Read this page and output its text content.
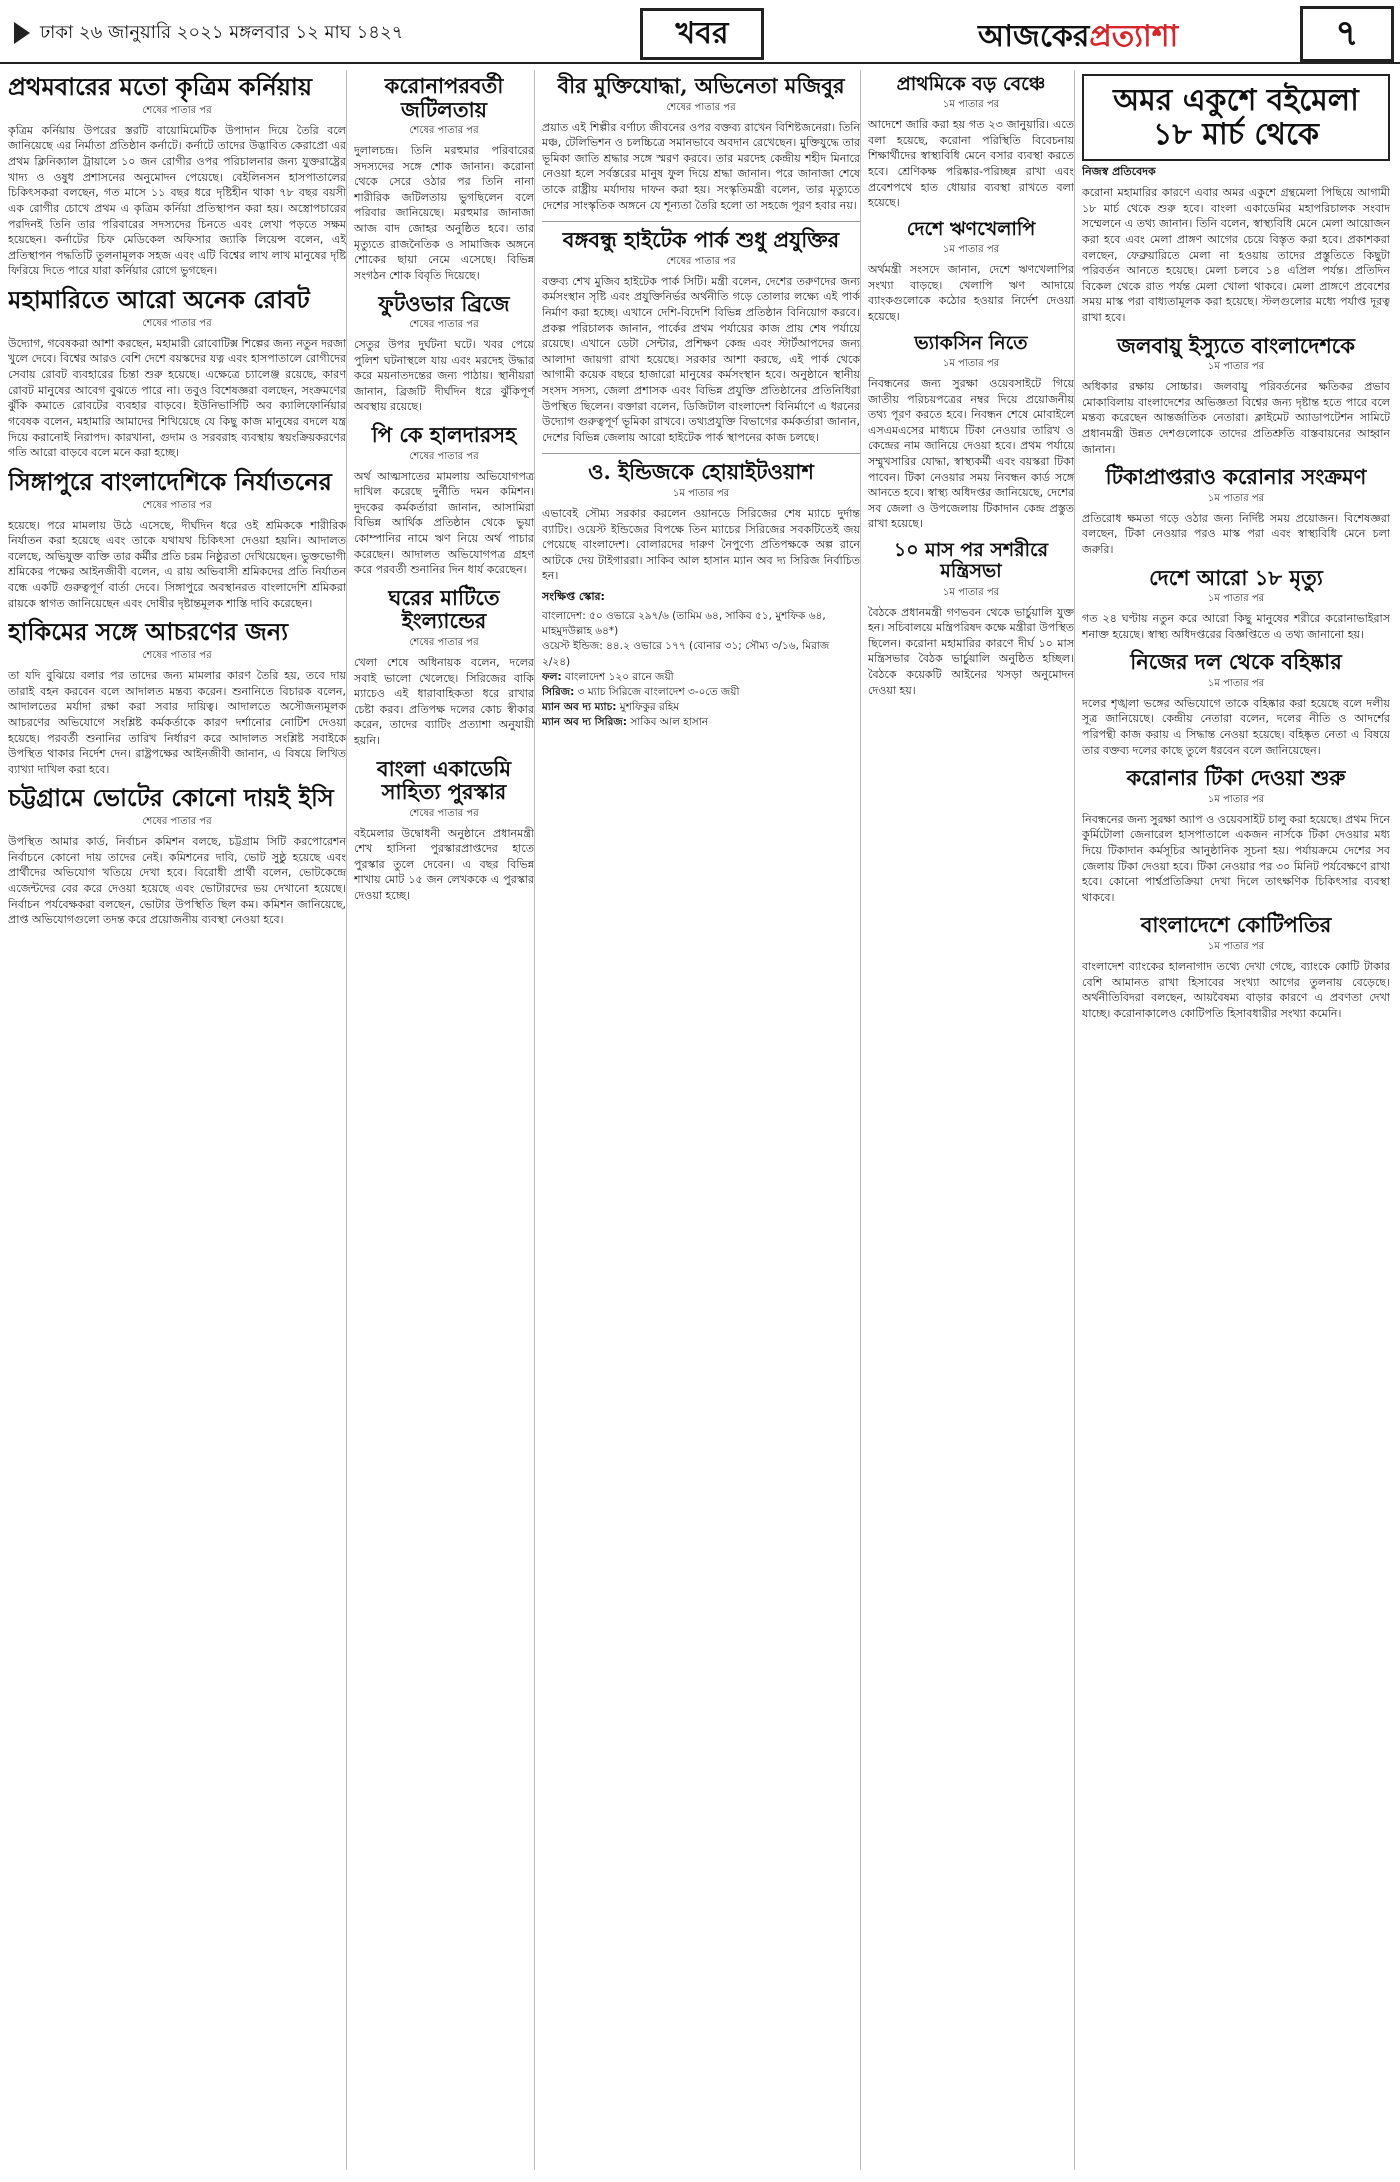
ঢাকা ২৬ জানুয়ারি ২০২১ মঙ্গলবার ১২ মাঘ ১৪২৭	খবর	আজকেরপ্রত্যাশা	৭
প্রথমবারের মতো কৃত্রিম কর্নিয়ায়
শেষের পাতার পর

কৃত্রিম কর্নিয়ায় উপরের স্তরটি বায়োমিমেটিক উপাদান দিয়ে তৈরি বলে জানিয়েছে এর নির্মাতা প্রতিষ্ঠান কর্নাটে। কর্নাটে তাদের উদ্ভাবিত কেরাপ্রো এর প্রথম ক্লিনিক্যাল ট্রায়ালে ১০ জন রোগীর ওপর পরিচালনার জন্য যুক্তরাষ্ট্রের খাদ্য ও ওষুধ প্রশাসনের অনুমোদন পেয়েছে। বেইলিনসন হাসপাতালের চিকিৎসকরা বলছেন, গত মাসে ১১ বছর ধরে দৃষ্টিহীন থাকা ৭৮ বছর বয়সী এক রোগীর চোখে প্রথম এ কৃত্রিম কর্নিয়া প্রতিস্থাপন করা হয়। অস্ত্রোপচারের পরদিনই তিনি তার পরিবারের সদস্যদের চিনতে এবং লেখা পড়তে সক্ষম হয়েছেন। কর্নাটের চিফ মেডিকেল অফিসার জ্যাকি লিয়েন্স বলেন, এই প্রতিস্থাপন পদ্ধতিটি তুলনামূলক সহজ এবং এটি বিশ্বের লাখ লাখ মানুষের দৃষ্টি ফিরিয়ে দিতে পারে যারা কর্নিয়ার রোগে ভুগছেন।

মহামারিতে আরো অনেক রোবট
শেষের পাতার পর

উদ্যোগ, গবেষকরা আশা করছেন, মহামারী রোবোটিক্স শিল্পের জন্য নতুন দরজা খুলে দেবে। বিশ্বের আরও বেশি দেশে বয়স্কদের যত্ন এবং হাসপাতালে রোগীদের সেবায় রোবট ব্যবহারের চিন্তা শুরু হয়েছে। এক্ষেত্রে চ্যালেঞ্জ রয়েছে, কারণ রোবট মানুষের আবেগ বুঝতে পারে না। তবুও বিশেষজ্ঞরা বলছেন, সংক্রমণের ঝুঁকি কমাতে রোবটের ব্যবহার বাড়বে। ইউনিভার্সিটি অব ক্যালিফোর্নিয়ার গবেষক বলেন, মহামারি আমাদের শিখিয়েছে যে কিছু কাজ মানুষের বদলে যন্ত্র দিয়ে করানোই নিরাপদ। কারখানা, গুদাম ও সরবরাহ ব্যবস্থায় স্বয়ংক্রিয়করণের গতি আরো বাড়বে বলে মনে করা হচ্ছে।

সিঙ্গাপুরে বাংলাদেশিকে নির্যাতনের
শেষের পাতার পর

হয়েছে। পরে মামলায় উঠে এসেছে, দীর্ঘদিন ধরে ওই শ্রমিককে শারীরিক নির্যাতন করা হয়েছে এবং তাকে যথাযথ চিকিৎসা দেওয়া হয়নি। আদালত বলেছে, অভিযুক্ত ব্যক্তি তার কর্মীর প্রতি চরম নিষ্ঠুরতা দেখিয়েছেন। ভুক্তভোগী শ্রমিকের পক্ষের আইনজীবী বলেন, এ রায় অভিবাসী শ্রমিকদের প্রতি নির্যাতন বন্ধে একটি গুরুত্বপূর্ণ বার্তা দেবে। সিঙ্গাপুরে অবস্থানরত বাংলাদেশি শ্রমিকরা রায়কে স্বাগত জানিয়েছেন এবং দোষীর দৃষ্টান্তমূলক শাস্তি দাবি করেছেন।

হাকিমের সঙ্গে আচরণের জন্য
শেষের পাতার পর

তা যদি বুঝিয়ে বলার পর তাদের জন্য মামলার কারণ তৈরি হয়, তবে দায় তারাই বহন করবেন বলে আদালত মন্তব্য করেন। শুনানিতে বিচারক বলেন, আদালতের মর্যাদা রক্ষা করা সবার দায়িত্ব। আদালতে অসৌজন্যমূলক আচরণের অভিযোগে সংশ্লিষ্ট কর্মকর্তাকে কারণ দর্শানোর নোটিশ দেওয়া হয়েছে। পরবর্তী শুনানির তারিখ নির্ধারণ করে আদালত সংশ্লিষ্ট সবাইকে উপস্থিত থাকার নির্দেশ দেন। রাষ্ট্রপক্ষের আইনজীবী জানান, এ বিষয়ে লিখিত ব্যাখ্যা দাখিল করা হবে।

চট্টগ্রামে ভোটের কোনো দায়ই ইসি
শেষের পাতার পর

উপস্থিত আমার কার্ড, নির্বাচন কমিশন বলছে, চট্টগ্রাম সিটি করপোরেশন নির্বাচনে কোনো দায় তাদের নেই। কমিশনের দাবি, ভোট সুষ্ঠু হয়েছে এবং প্রার্থীদের অভিযোগ খতিয়ে দেখা হবে। বিরোধী প্রার্থী বলেন, ভোটকেন্দ্রে এজেন্টদের বের করে দেওয়া হয়েছে এবং ভোটারদের ভয় দেখানো হয়েছে। নির্বাচন পর্যবেক্ষকরা বলছেন, ভোটার উপস্থিতি ছিল কম। কমিশন জানিয়েছে, প্রাপ্ত অভিযোগগুলো তদন্ত করে প্রয়োজনীয় ব্যবস্থা নেওয়া হবে।

করোনাপরবর্তী জটিলতায়
শেষের পাতার পর

দুলালচন্দ্র। তিনি মরহুমার পরিবারের সদস্যদের সঙ্গে শোক জানান। করোনা থেকে সেরে ওঠার পর তিনি নানা শারীরিক জটিলতায় ভুগছিলেন বলে পরিবার জানিয়েছে। মরহুমার জানাজা আজ বাদ জোহর অনুষ্ঠিত হবে। তার মৃত্যুতে রাজনৈতিক ও সামাজিক অঙ্গনে শোকের ছায়া নেমে এসেছে। বিভিন্ন সংগঠন শোক বিবৃতি দিয়েছে।

ফুটওভার ব্রিজে
শেষের পাতার পর

সেতুর উপর দুর্ঘটনা ঘটে। খবর পেয়ে পুলিশ ঘটনাস্থলে যায় এবং মরদেহ উদ্ধার করে ময়নাতদন্তের জন্য পাঠায়। স্থানীয়রা জানান, ব্রিজটি দীর্ঘদিন ধরে ঝুঁকিপূর্ণ অবস্থায় রয়েছে।

পি কে হালদারসহ
শেষের পাতার পর

অর্থ আত্মসাতের মামলায় অভিযোগপত্র দাখিল করেছে দুর্নীতি দমন কমিশন। দুদকের কর্মকর্তারা জানান, আসামিরা বিভিন্ন আর্থিক প্রতিষ্ঠান থেকে ভুয়া কোম্পানির নামে ঋণ নিয়ে অর্থ পাচার করেছেন। আদালত অভিযোগপত্র গ্রহণ করে পরবর্তী শুনানির দিন ধার্য করেছেন।

ঘরের মাটিতে ইংল্যান্ডের
শেষের পাতার পর

খেলা শেষে অধিনায়ক বলেন, দলের সবাই ভালো খেলেছে। সিরিজের বাকি ম্যাচেও এই ধারাবাহিকতা ধরে রাখার চেষ্টা করব। প্রতিপক্ষ দলের কোচ স্বীকার করেন, তাদের ব্যাটিং প্রত্যাশা অনুযায়ী হয়নি।

বাংলা একাডেমি সাহিত্য পুরস্কার
শেষের পাতার পর

বইমেলার উদ্বোধনী অনুষ্ঠানে প্রধানমন্ত্রী শেখ হাসিনা পুরস্কারপ্রাপ্তদের হাতে পুরস্কার তুলে দেবেন। এ বছর বিভিন্ন শাখায় মোট ১৫ জন লেখককে এ পুরস্কার দেওয়া হচ্ছে।

বীর মুক্তিযোদ্ধা, অভিনেতা মজিবুর
শেষের পাতার পর

প্রয়াত এই শিল্পীর বর্ণাঢ্য জীবনের ওপর বক্তব্য রাখেন বিশিষ্টজনেরা। তিনি মঞ্চ, টেলিভিশন ও চলচ্চিত্রে সমানভাবে অবদান রেখেছেন। মুক্তিযুদ্ধে তার ভূমিকা জাতি শ্রদ্ধার সঙ্গে স্মরণ করবে। তার মরদেহ কেন্দ্রীয় শহীদ মিনারে নেওয়া হলে সর্বস্তরের মানুষ ফুল দিয়ে শ্রদ্ধা জানান। পরে জানাজা শেষে তাকে রাষ্ট্রীয় মর্যাদায় দাফন করা হয়। সংস্কৃতিমন্ত্রী বলেন, তার মৃত্যুতে দেশের সাংস্কৃতিক অঙ্গনে যে শূন্যতা তৈরি হলো তা সহজে পূরণ হবার নয়।

বঙ্গবন্ধু হাইটেক পার্ক শুধু প্রযুক্তির
শেষের পাতার পর

বক্তব্য শেখ মুজিব হাইটেক পার্ক সিটি। মন্ত্রী বলেন, দেশের তরুণদের জন্য কর্মসংস্থান সৃষ্টি এবং প্রযুক্তিনির্ভর অর্থনীতি গড়ে তোলার লক্ষ্যে এই পার্ক নির্মাণ করা হচ্ছে। এখানে দেশি-বিদেশি বিভিন্ন প্রতিষ্ঠান বিনিয়োগ করবে। প্রকল্প পরিচালক জানান, পার্কের প্রথম পর্যায়ের কাজ প্রায় শেষ পর্যায়ে রয়েছে। এখানে ডেটা সেন্টার, প্রশিক্ষণ কেন্দ্র এবং স্টার্টআপদের জন্য আলাদা জায়গা রাখা হয়েছে। সরকার আশা করছে, এই পার্ক থেকে আগামী কয়েক বছরে হাজারো মানুষের কর্মসংস্থান হবে। অনুষ্ঠানে স্থানীয় সংসদ সদস্য, জেলা প্রশাসক এবং বিভিন্ন প্রযুক্তি প্রতিষ্ঠানের প্রতিনিধিরা উপস্থিত ছিলেন। বক্তারা বলেন, ডিজিটাল বাংলাদেশ বিনির্মাণে এ ধরনের উদ্যোগ গুরুত্বপূর্ণ ভূমিকা রাখবে। তথ্যপ্রযুক্তি বিভাগের কর্মকর্তারা জানান, দেশের বিভিন্ন জেলায় আরো হাইটেক পার্ক স্থাপনের কাজ চলছে।

ও. ইন্ডিজকে হোয়াইটওয়াশ
১ম পাতার পর

এভাবেই সৌম্য সরকার করলেন ওয়ানডে সিরিজের শেষ ম্যাচে দুর্দান্ত ব্যাটিং। ওয়েস্ট ইন্ডিজের বিপক্ষে তিন ম্যাচের সিরিজের সবকটিতেই জয় পেয়েছে বাংলাদেশ। বোলারদের দারুণ নৈপুণ্যে প্রতিপক্ষকে অল্প রানে আটকে দেয় টাইগাররা। সাকিব আল হাসান ম্যান অব দ্য সিরিজ নির্বাচিত হন।

সংক্ষিপ্ত স্কোর:
বাংলাদেশ: ৫০ ওভারে ২৯৭/৬ (তামিম ৬৪, সাকিব ৫১, মুশফিক ৬৪, মাহমুদউল্লাহ ৬৪*)
ওয়েস্ট ইন্ডিজ: ৪৪.২ ওভারে ১৭৭ (বোনার ৩১; সৌম্য ৩/১৬, মিরাজ ২/২৪)
ফল: বাংলাদেশ ১২০ রানে জয়ী
সিরিজ: ৩ ম্যাচ সিরিজে বাংলাদেশ ৩-০তে জয়ী
ম্যান অব দ্য ম্যাচ: মুশফিকুর রহিম
ম্যান অব দ্য সিরিজ: সাকিব আল হাসান
প্রাথমিকে বড় বেঞ্চে
১ম পাতার পর

আদেশে জারি করা হয় গত ২৩ জানুয়ারি। এতে বলা হয়েছে, করোনা পরিস্থিতি বিবেচনায় শিক্ষার্থীদের স্বাস্থ্যবিধি মেনে বসার ব্যবস্থা করতে হবে। শ্রেণিকক্ষ পরিষ্কার-পরিচ্ছন্ন রাখা এবং প্রবেশপথে হাত ধোয়ার ব্যবস্থা রাখতে বলা হয়েছে।

দেশে ঋণখেলাপি
১ম পাতার পর

অর্থমন্ত্রী সংসদে জানান, দেশে ঋণখেলাপির সংখ্যা বাড়ছে। খেলাপি ঋণ আদায়ে ব্যাংকগুলোকে কঠোর হওয়ার নির্দেশ দেওয়া হয়েছে।

ভ্যাকসিন নিতে
১ম পাতার পর

নিবন্ধনের জন্য সুরক্ষা ওয়েবসাইটে গিয়ে জাতীয় পরিচয়পত্রের নম্বর দিয়ে প্রয়োজনীয় তথ্য পূরণ করতে হবে। নিবন্ধন শেষে মোবাইলে এসএমএসের মাধ্যমে টিকা নেওয়ার তারিখ ও কেন্দ্রের নাম জানিয়ে দেওয়া হবে। প্রথম পর্যায়ে সম্মুখসারির যোদ্ধা, স্বাস্থ্যকর্মী এবং বয়স্করা টিকা পাবেন। টিকা নেওয়ার সময় নিবন্ধন কার্ড সঙ্গে আনতে হবে। স্বাস্থ্য অধিদপ্তর জানিয়েছে, দেশের সব জেলা ও উপজেলায় টিকাদান কেন্দ্র প্রস্তুত রাখা হয়েছে।

১০ মাস পর সশরীরে মন্ত্রিসভা
১ম পাতার পর

বৈঠকে প্রধানমন্ত্রী গণভবন থেকে ভার্চুয়ালি যুক্ত হন। সচিবালয়ে মন্ত্রিপরিষদ কক্ষে মন্ত্রীরা উপস্থিত ছিলেন। করোনা মহামারির কারণে দীর্ঘ ১০ মাস মন্ত্রিসভার বৈঠক ভার্চুয়ালি অনুষ্ঠিত হচ্ছিল। বৈঠকে কয়েকটি আইনের খসড়া অনুমোদন দেওয়া হয়।

অমর একুশে বইমেলা ১৮ মার্চ থেকে
নিজস্ব প্রতিবেদক

করোনা মহামারির কারণে এবার অমর একুশে গ্রন্থমেলা পিছিয়ে আগামী ১৮ মার্চ থেকে শুরু হবে। বাংলা একাডেমির মহাপরিচালক সংবাদ সম্মেলনে এ তথ্য জানান। তিনি বলেন, স্বাস্থ্যবিধি মেনে মেলা আয়োজন করা হবে এবং মেলা প্রাঙ্গণ আগের চেয়ে বিস্তৃত করা হবে। প্রকাশকরা বলছেন, ফেব্রুয়ারিতে মেলা না হওয়ায় তাদের প্রস্তুতিতে কিছুটা পরিবর্তন আনতে হয়েছে। মেলা চলবে ১৪ এপ্রিল পর্যন্ত। প্রতিদিন বিকেল থেকে রাত পর্যন্ত মেলা খোলা থাকবে। মেলা প্রাঙ্গণে প্রবেশের সময় মাস্ক পরা বাধ্যতামূলক করা হয়েছে। স্টলগুলোর মধ্যে পর্যাপ্ত দূরত্ব রাখা হবে।

জলবায়ু ইস্যুতে বাংলাদেশকে
১ম পাতার পর

অধিকার রক্ষায় সোচ্চার। জলবায়ু পরিবর্তনের ক্ষতিকর প্রভাব মোকাবিলায় বাংলাদেশের অভিজ্ঞতা বিশ্বের জন্য দৃষ্টান্ত হতে পারে বলে মন্তব্য করেছেন আন্তর্জাতিক নেতারা। ক্লাইমেট অ্যাডাপটেশন সামিটে প্রধানমন্ত্রী উন্নত দেশগুলোকে তাদের প্রতিশ্রুতি বাস্তবায়নের আহ্বান জানান।

টিকাপ্রাপ্তরাও করোনার সংক্রমণ
১ম পাতার পর

প্রতিরোধ ক্ষমতা গড়ে ওঠার জন্য নির্দিষ্ট সময় প্রয়োজন। বিশেষজ্ঞরা বলছেন, টিকা নেওয়ার পরও মাস্ক পরা এবং স্বাস্থ্যবিধি মেনে চলা জরুরি।

দেশে আরো ১৮ মৃত্যু
১ম পাতার পর

গত ২৪ ঘণ্টায় নতুন করে আরো কিছু মানুষের শরীরে করোনাভাইরাস শনাক্ত হয়েছে। স্বাস্থ্য অধিদপ্তরের বিজ্ঞপ্তিতে এ তথ্য জানানো হয়।

নিজের দল থেকে বহিষ্কার
১ম পাতার পর

দলের শৃঙ্খলা ভঙ্গের অভিযোগে তাকে বহিষ্কার করা হয়েছে বলে দলীয় সূত্র জানিয়েছে। কেন্দ্রীয় নেতারা বলেন, দলের নীতি ও আদর্শের পরিপন্থী কাজ করায় এ সিদ্ধান্ত নেওয়া হয়েছে। বহিষ্কৃত নেতা এ বিষয়ে তার বক্তব্য দলের কাছে তুলে ধরবেন বলে জানিয়েছেন।

করোনার টিকা দেওয়া শুরু
১ম পাতার পর

নিবন্ধনের জন্য সুরক্ষা অ্যাপ ও ওয়েবসাইট চালু করা হয়েছে। প্রথম দিনে কুর্মিটোলা জেনারেল হাসপাতালে একজন নার্সকে টিকা দেওয়ার মধ্য দিয়ে টিকাদান কর্মসূচির আনুষ্ঠানিক সূচনা হয়। পর্যায়ক্রমে দেশের সব জেলায় টিকা দেওয়া হবে। টিকা নেওয়ার পর ৩০ মিনিট পর্যবেক্ষণে রাখা হবে। কোনো পার্শ্বপ্রতিক্রিয়া দেখা দিলে তাৎক্ষণিক চিকিৎসার ব্যবস্থা থাকবে।

বাংলাদেশে কোটিপতির
১ম পাতার পর

বাংলাদেশ ব্যাংকের হালনাগাদ তথ্যে দেখা গেছে, ব্যাংকে কোটি টাকার বেশি আমানত রাখা হিসাবের সংখ্যা আগের তুলনায় বেড়েছে। অর্থনীতিবিদরা বলছেন, আয়বৈষম্য বাড়ার কারণে এ প্রবণতা দেখা যাচ্ছে। করোনাকালেও কোটিপতি হিসাবধারীর সংখ্যা কমেনি।
